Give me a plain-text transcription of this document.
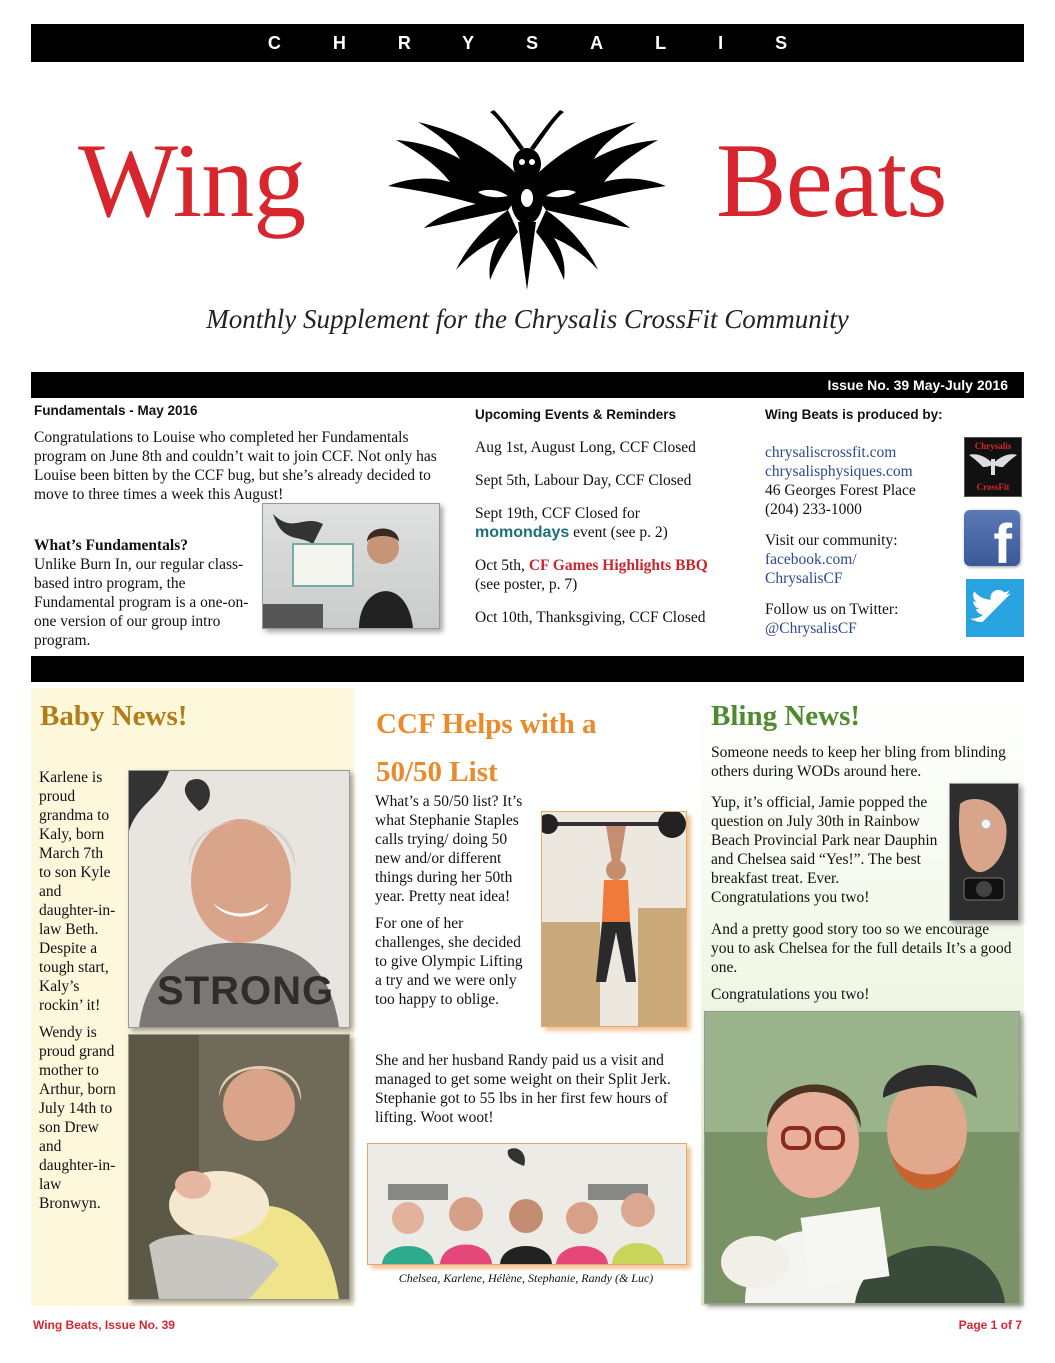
CHRYSALIS
Wing	Beats
Monthly Supplement for the Chrysalis CrossFit Community
Issue No. 39 May-July 2016
Fundamentals - May 2016

Congratulations to Louise who completed her Fundamentals program on June 8th and couldn’t wait to join CCF. Not only has Louise been bitten by the CCF bug, but she’s already decided to move to three times a week this August!

What’s Fundamentals?

Unlike Burn In, our regular class-based intro program, the Fundamental program is a one-on-one version of our group intro program.

Upcoming Events & Reminders

Aug 1st, August Long, CCF Closed

Sept 5th, Labour Day, CCF Closed

Sept 19th, CCF Closed for
momondays event (see p. 2)

Oct 5th, CF Games Highlights BBQ
(see poster, p. 7)

Oct 10th, Thanksgiving, CCF Closed

Wing Beats is produced by:

chrysaliscrossfit.com

chrysalisphysiques.com

46 Georges Forest Place

(204) 233-1000

Visit our community:

facebook.com/

ChrysalisCF

Follow us on Twitter:

@ChrysalisCF

Chrysalis
CrossFit
f
Baby News!

Karlene is proud grandma to Kaly, born March 7th to son Kyle and daughter-in-law Beth. Despite a tough start, Kaly’s rockin’ it!

Wendy is proud grand mother to Arthur, born July 14th to son Drew and daughter-in-law Bronwyn.

STRONG
CCF Helps with a
50/50 List

What’s a 50/50 list? It’s what Stephanie Staples calls trying/ doing 50 new and/or different things during her 50th year. Pretty neat idea!

For one of her challenges, she decided to give Olympic Lifting a try and we were only too happy to oblige.

She and her husband Randy paid us a visit and managed to get some weight on their Split Jerk. Stephanie got to 55 lbs in her first few hours of lifting. Woot woot!

Chelsea, Karlene, Hélène, Stephanie, Randy (& Luc)
Bling News!

Someone needs to keep her bling from blinding others during WODs around here.

Yup, it’s official, Jamie popped the question on July 30th in Rainbow Beach Provincial Park near Dauphin and Chelsea said “Yes!”. The best breakfast treat. Ever. Congratulations you two!

And a pretty good story too so we encourage you to ask Chelsea for the full details It’s a good one.

Congratulations you two!

Wing Beats, Issue No. 39	Page 1 of 7
